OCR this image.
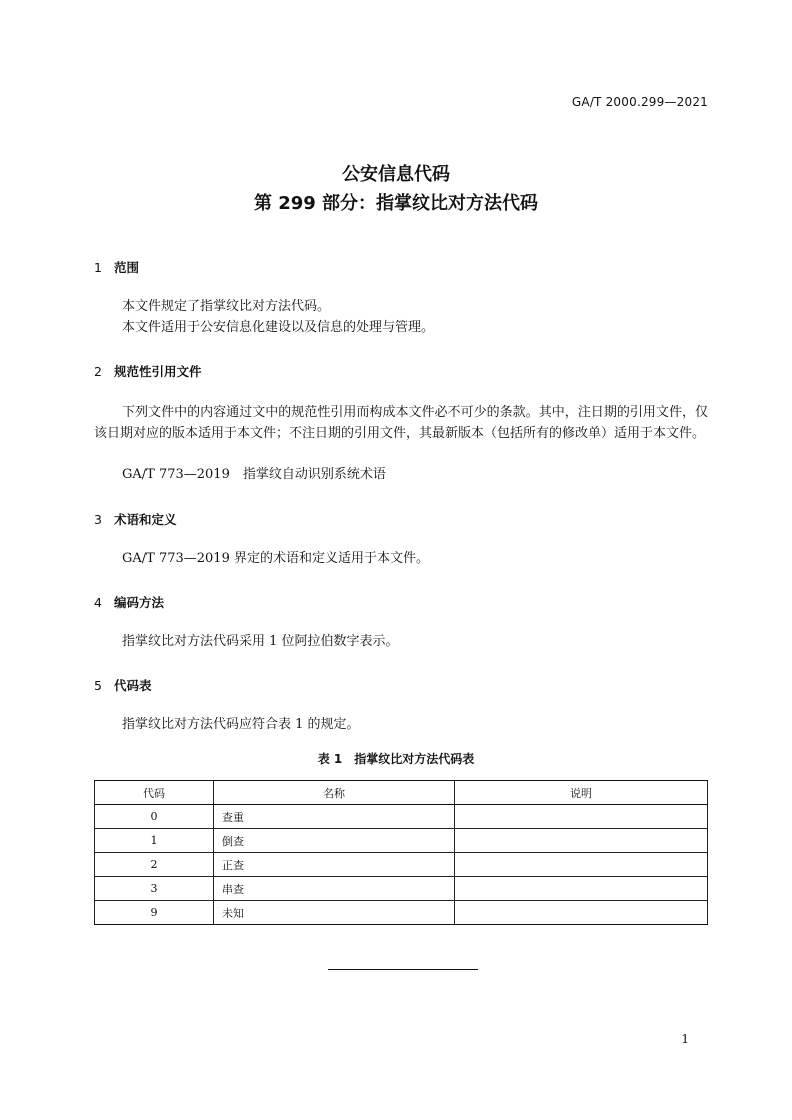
GA/T 2000.299—2021
公安信息代码
第 299 部分：指掌纹比对方法代码
1 范围
本文件规定了指掌纹比对方法代码。
本文件适用于公安信息化建设以及信息的处理与管理。
2 规范性引用文件
下列文件中的内容通过文中的规范性引用而构成本文件必不可少的条款。其中，注日期的引用文件，仅该日期对应的版本适用于本文件；不注日期的引用文件，其最新版本（包括所有的修改单）适用于本文件。
GA/T 773—2019　指掌纹自动识别系统术语
3 术语和定义
GA/T 773—2019 界定的术语和定义适用于本文件。
4 编码方法
指掌纹比对方法代码采用 1 位阿拉伯数字表示。
5 代码表
指掌纹比对方法代码应符合表 1 的规定。
表 1　指掌纹比对方法代码表
代码	名称	说明
0	查重	
1	倒查	
2	正查	
3	串查	
9	未知	
1
